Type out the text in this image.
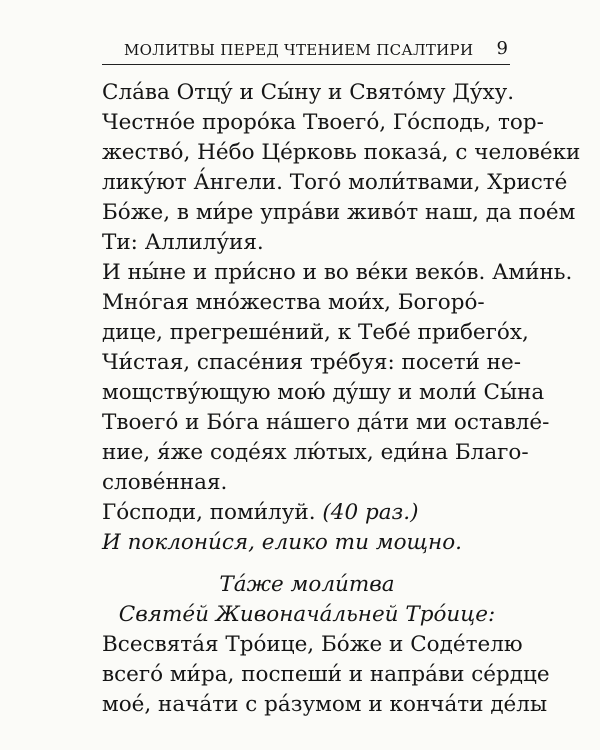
МОЛИТВЫ ПЕРЕД ЧТЕНИЕМ ПСАЛТИРИ 9

Сла́ва Отцу́ и Сы́ну и Свято́му Ду́ху.

Честно́е проро́ка Твоего́, Го́сподь, тор-
жество́, Не́бо Це́рковь показа́, с челове́ки
лику́ют А́нгели. Того́ моли́твами, Христе́
Бо́же, в ми́ре упра́ви живо́т наш, да пое́м
Ти: Аллилу́ия.

И ны́не и при́сно и во ве́ки веко́в. Ами́нь.

Мно́гая мно́жества мои́х, Богоро́-
дице, прегреше́ний, к Тебе́ прибего́х,
Чи́стая, спасе́ния тре́буя: посети́ не-
мощству́ющую мою́ ду́шу и моли́ Сы́на
Твоего́ и Бо́га на́шего да́ти ми оставле́-
ние, я́же соде́ях лю́тых, еди́на Благо-
слове́нная.

Го́споди, поми́луй. (40 раз.)

И поклони́ся, елико ти мощно.

Та́же моли́тва

Святе́й Живонача́льней Тро́ице:

Всесвята́я Тро́ице, Бо́же и Соде́телю
всего́ ми́ра, поспеши́ и напра́ви се́рдце
мое́, нача́ти с ра́зумом и конча́ти де́лы
